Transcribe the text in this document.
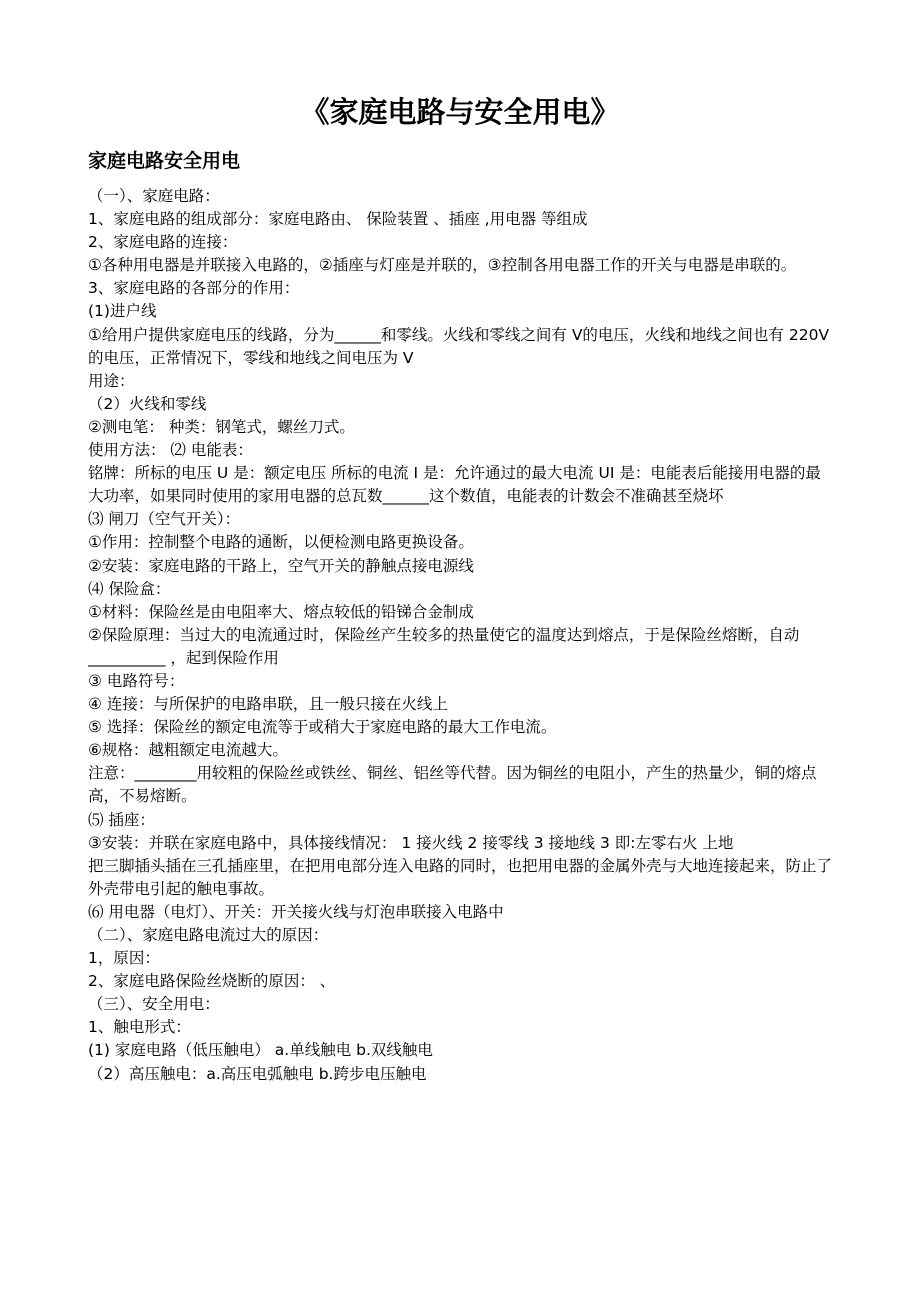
《家庭电路与安全用电》
家庭电路安全用电
（一）、家庭电路：
1、家庭电路的组成部分：家庭电路由、 保险装置 、插座 ,用电器 等组成
2、家庭电路的连接：
①各种用电器是并联接入电路的，②插座与灯座是并联的，③控制各用电器工作的开关与电器是串联的。
3、家庭电路的各部分的作用：
(1)进户线
①给用户提供家庭电压的线路，分为______和零线。火线和零线之间有 V的电压，火线和地线之间也有 220V 的电压，正常情况下，零线和地线之间电压为 V
用途：
（2）火线和零线
②测电笔： 种类：钢笔式，螺丝刀式。
使用方法： ⑵ 电能表：
铭牌：所标的电压 U 是：额定电压 所标的电流 I 是：允许通过的最大电流 UI 是：电能表后能接用电器的最大功率，如果同时使用的家用电器的总瓦数______这个数值，电能表的计数会不准确甚至烧坏
⑶ 闸刀（空气开关）：
①作用：控制整个电路的通断，以便检测电路更换设备。
②安装：家庭电路的干路上，空气开关的静触点接电源线
⑷ 保险盒：
①材料：保险丝是由电阻率大、熔点较低的铅锑合金制成
②保险原理：当过大的电流通过时，保险丝产生较多的热量使它的温度达到熔点，于是保险丝熔断，自动__________ ，起到保险作用
③ 电路符号：
④ 连接：与所保护的电路串联，且一般只接在火线上
⑤ 选择：保险丝的额定电流等于或稍大于家庭电路的最大工作电流。
⑥规格：越粗额定电流越大。
注意：________用较粗的保险丝或铁丝、铜丝、铝丝等代替。因为铜丝的电阻小，产生的热量少，铜的熔点高，不易熔断。
⑸ 插座：
③安装：并联在家庭电路中，具体接线情况： 1 接火线 2 接零线 3 接地线 3 即:左零右火 上地
把三脚插头插在三孔插座里，在把用电部分连入电路的同时，也把用电器的金属外壳与大地连接起来，防止了外壳带电引起的触电事故。
⑹ 用电器（电灯）、开关：开关接火线与灯泡串联接入电路中
（二）、家庭电路电流过大的原因：
1，原因：
2、家庭电路保险丝烧断的原因： 、
（三）、安全用电：
1、触电形式：
(1) 家庭电路（低压触电） a.单线触电 b.双线触电
（2）高压触电：a.高压电弧触电 b.跨步电压触电
